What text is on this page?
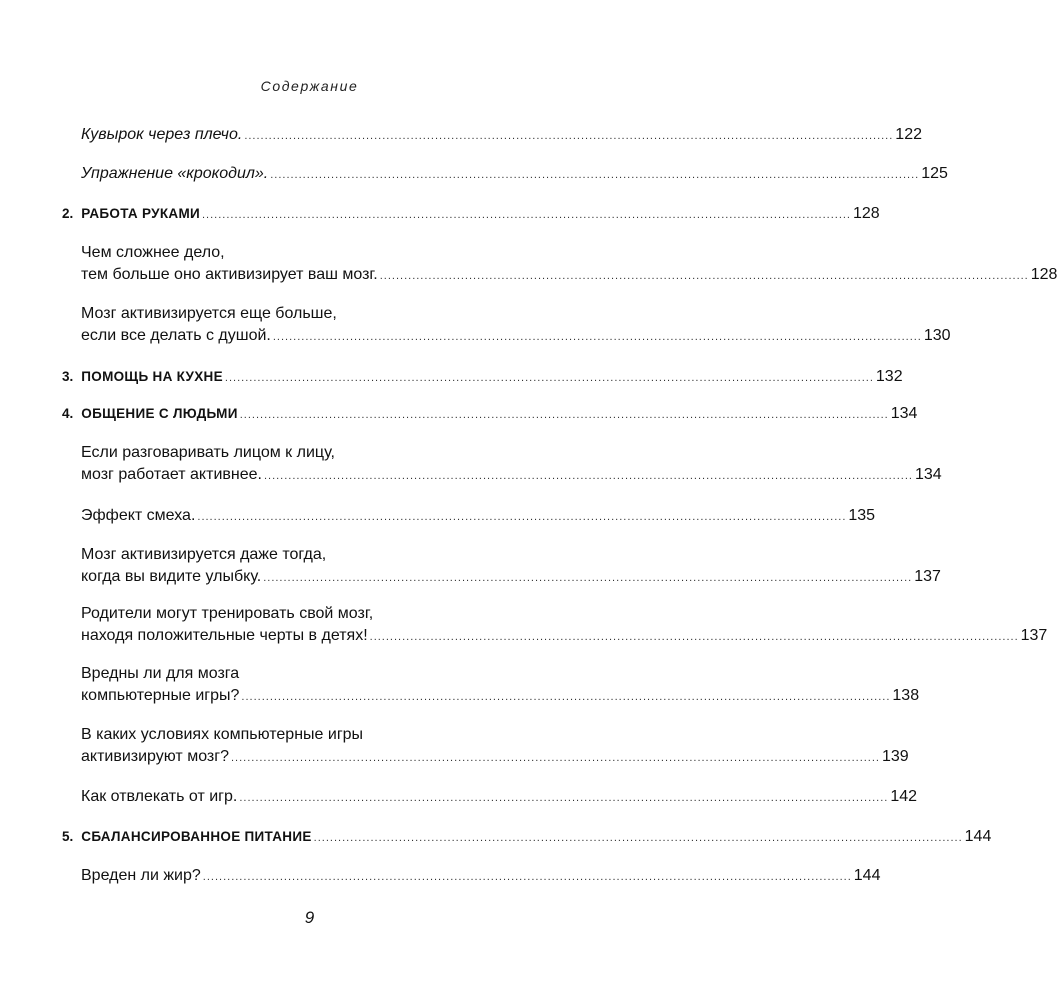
Содержание
Кувырок через плечо. ................................................................................................................................................................ 122
Упражнение «крокодил». ................................................................................................................................................................ 125
2. РАБОТА РУКАМИ ................................................................................................................................................................ 128
Чем сложнее дело,
тем больше оно активизирует ваш мозг. ................................................................................................................................................................ 128
Мозг активизируется еще больше,
если все делать с душой. ................................................................................................................................................................ 130
3. ПОМОЩЬ НА КУХНЕ ................................................................................................................................................................ 132
4. ОБЩЕНИЕ С ЛЮДЬМИ ................................................................................................................................................................ 134
Если разговаривать лицом к лицу,
мозг работает активнее. ................................................................................................................................................................ 134
Эффект смеха. ................................................................................................................................................................ 135
Мозг активизируется даже тогда,
когда вы видите улыбку. ................................................................................................................................................................ 137
Родители могут тренировать свой мозг,
находя положительные черты в детях! ................................................................................................................................................................ 137
Вредны ли для мозга
компьютерные игры? ................................................................................................................................................................ 138
В каких условиях компьютерные игры
активизируют мозг? ................................................................................................................................................................ 139
Как отвлекать от игр. ................................................................................................................................................................ 142
5. СБАЛАНСИРОВАННОЕ ПИТАНИЕ ................................................................................................................................................................ 144
Вреден ли жир? ................................................................................................................................................................ 144
9
